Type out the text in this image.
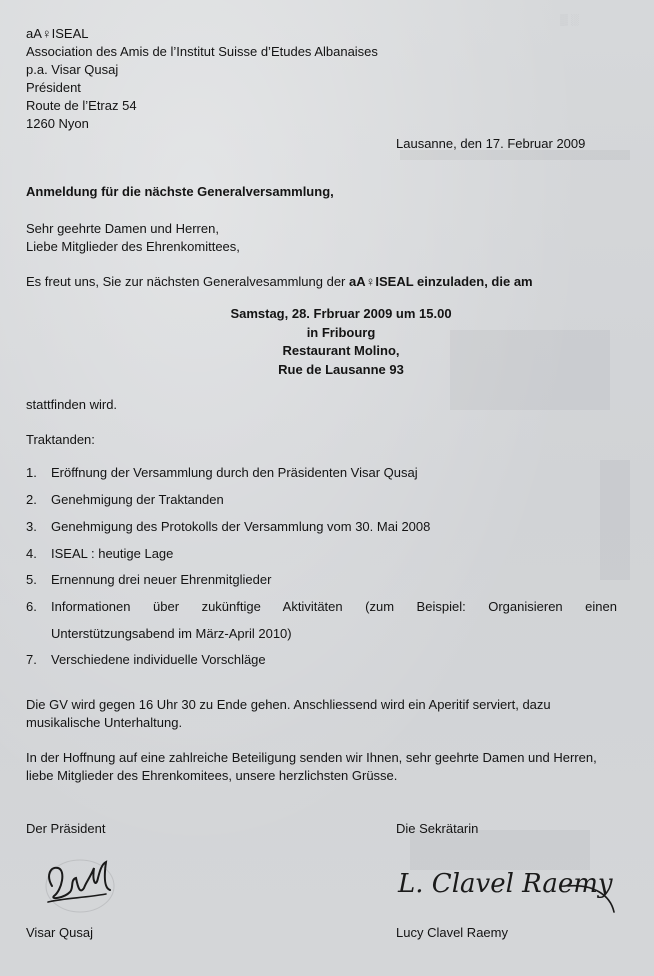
▒ ░
aA♀ISEAL
Association des Amis de l’Institut Suisse d’Etudes Albanaises
p.a. Visar Qusaj
Président
Route de l’Etraz 54
1260 Nyon
Lausanne, den 17. Februar 2009
Anmeldung für die nächste Generalversammlung,
Sehr geehrte Damen und Herren,
Liebe Mitglieder des Ehrenkomittees,
Es freut uns, Sie zur nächsten Generalvesammlung der aA♀ISEAL einzuladen, die am
Samstag, 28. Frbruar 2009 um 15.00
in Fribourg
Restaurant Molino,
Rue de Lausanne 93
stattfinden wird.
Traktanden:
1. Eröffnung der Versammlung durch den Präsidenten Visar Qusaj
2. Genehmigung der Traktanden
3. Genehmigung des Protokolls der Versammlung vom 30. Mai 2008
4. ISEAL : heutige Lage
5. Ernennung drei neuer Ehrenmitglieder
6. Informationen über zukünftige Aktivitäten (zum Beispiel: Organisieren einen
Unterstützungsabend im März-April 2010)
7. Verschiedene individuelle Vorschläge
Die GV wird gegen 16 Uhr 30 zu Ende gehen. Anschliessend wird ein Aperitif serviert, dazu
musikalische Unterhaltung.
In der Hoffnung auf eine zahlreiche Beteiligung senden wir Ihnen, sehr geehrte Damen und Herren,
liebe Mitglieder des Ehrenkomitees, unsere herzlichsten Grüsse.
Der Präsident	Die Sekrätarin
L. Clavel Raemy
Visar Qusaj	Lucy Clavel Raemy
